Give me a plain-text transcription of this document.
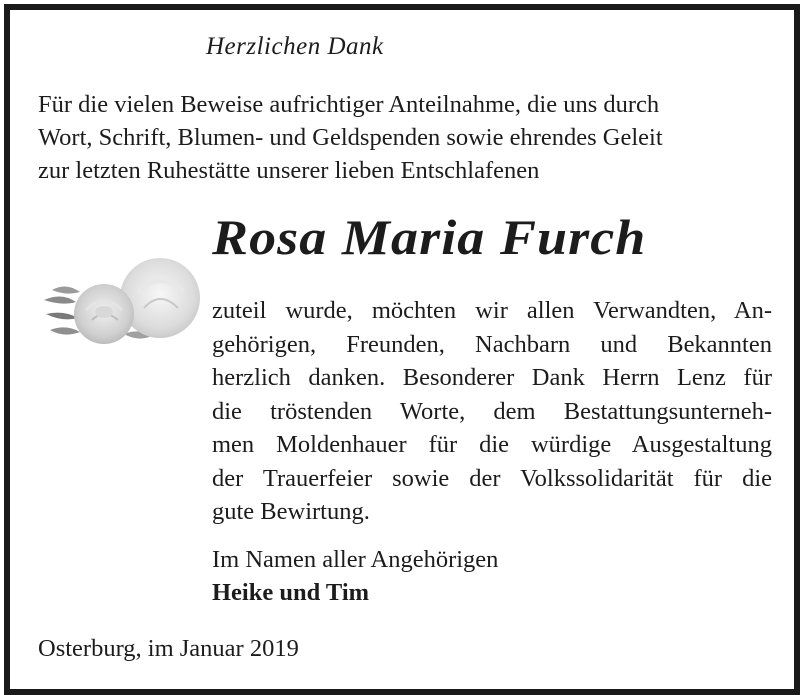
Herzlichen Dank
Für die vielen Beweise aufrichtiger Anteilnahme, die uns durch
Wort, Schrift, Blumen- und Geldspenden sowie ehrendes Geleit
zur letzten Ruhestätte unserer lieben Entschlafenen
Rosa Maria Furch
zuteil wurde, möchten wir allen Verwandten, An-
gehörigen, Freunden, Nachbarn und Bekannten
herzlich danken. Besonderer Dank Herrn Lenz für
die tröstenden Worte, dem Bestattungsunterneh-
men Moldenhauer für die würdige Ausgestaltung
der Trauerfeier sowie der Volkssolidarität für die
gute Bewirtung.
Im Namen aller Angehörigen
Heike und Tim
Osterburg, im Januar 2019
